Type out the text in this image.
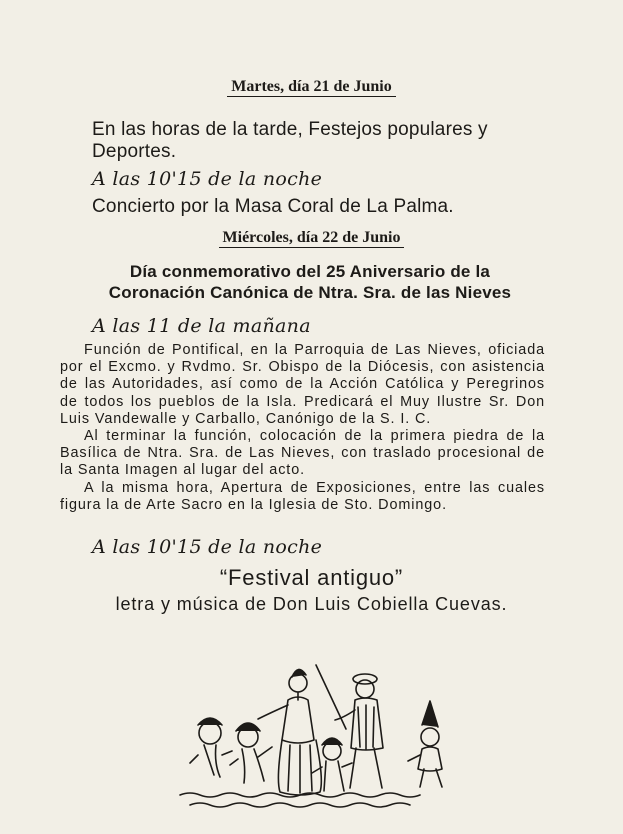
Martes, día 21 de Junio
En las horas de la tarde, Festejos populares y
Deportes.
A las 10'15 de la noche
Concierto por la Masa Coral de La Palma.
Miércoles, día 22 de Junio
Día conmemorativo del 25 Aniversario de la
Coronación Canónica de Ntra. Sra. de las Nieves
A las 11 de la mañana

Función de Pontifical, en la Parroquia de Las Nieves, oficiada por el Excmo. y Rvdmo. Sr. Obispo de la Diócesis, con asistencia de las Autoridades, así como de la Acción Católica y Peregrinos de todos los pueblos de la Isla. Predicará el Muy Ilustre Sr. Don Luis Vandewalle y Carballo, Canónigo de la S. I. C.

Al terminar la función, colocación de la primera piedra de la Basílica de Ntra. Sra. de Las Nieves, con traslado procesional de la Santa Imagen al lugar del acto.

A la misma hora, Apertura de Exposiciones, entre las cuales figura la de Arte Sacro en la Iglesia de Sto. Domingo.

A las 10'15 de la noche
“Festival antiguo”
letra y música de Don Luis Cobiella Cuevas.
